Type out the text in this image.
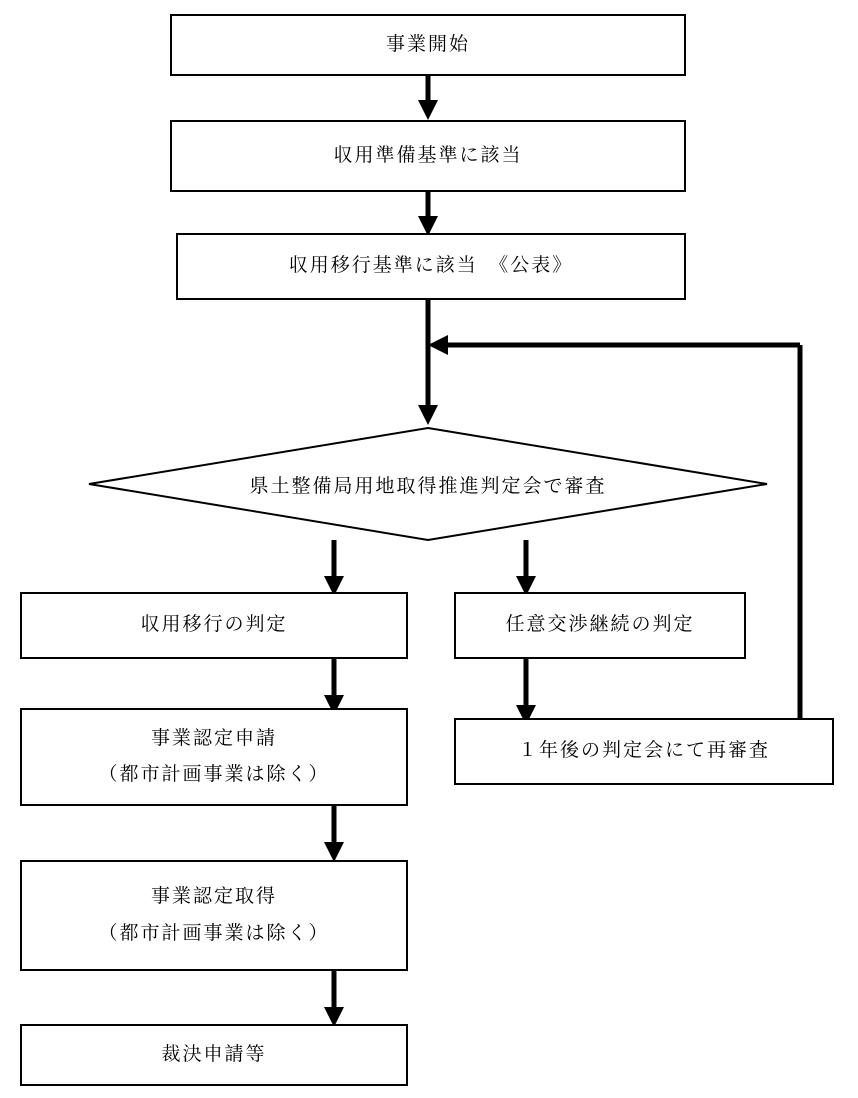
事業開始
収用準備基準に該当
収用移行基準に該当　《公表》
県土整備局用地取得推進判定会で審査
収用移行の判定	任意交渉継続の判定
１年後の判定会にて再審査
事業認定申請
（都市計画事業は除く）
事業認定取得
（都市計画事業は除く）
裁決申請等
